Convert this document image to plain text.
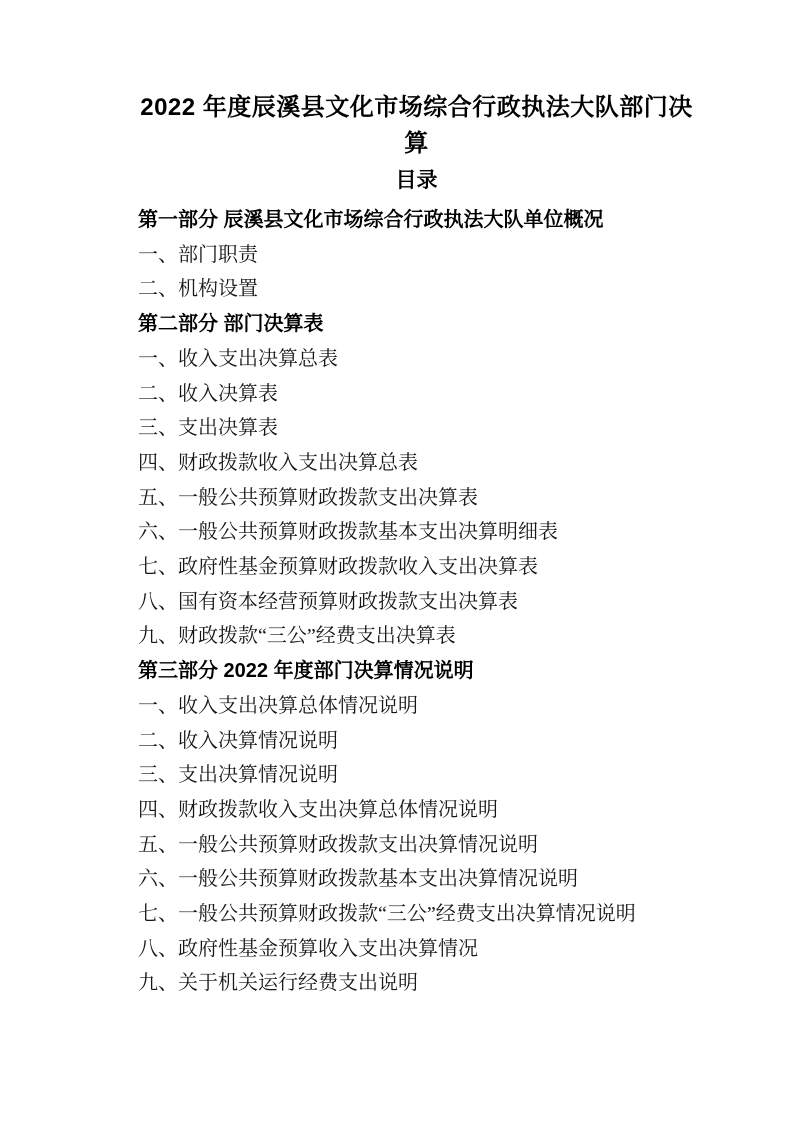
2022 年度辰溪县文化市场综合行政执法大队部门决算
目录

第一部分 辰溪县文化市场综合行政执法大队单位概况

一、部门职责

二、机构设置

第二部分 部门决算表

一、收入支出决算总表

二、收入决算表

三、支出决算表

四、财政拨款收入支出决算总表

五、一般公共预算财政拨款支出决算表

六、一般公共预算财政拨款基本支出决算明细表

七、政府性基金预算财政拨款收入支出决算表

八、国有资本经营预算财政拨款支出决算表

九、财政拨款“三公”经费支出决算表

第三部分 2022 年度部门决算情况说明

一、收入支出决算总体情况说明

二、收入决算情况说明

三、支出决算情况说明

四、财政拨款收入支出决算总体情况说明

五、一般公共预算财政拨款支出决算情况说明

六、一般公共预算财政拨款基本支出决算情况说明

七、一般公共预算财政拨款“三公”经费支出决算情况说明

八、政府性基金预算收入支出决算情况

九、关于机关运行经费支出说明
